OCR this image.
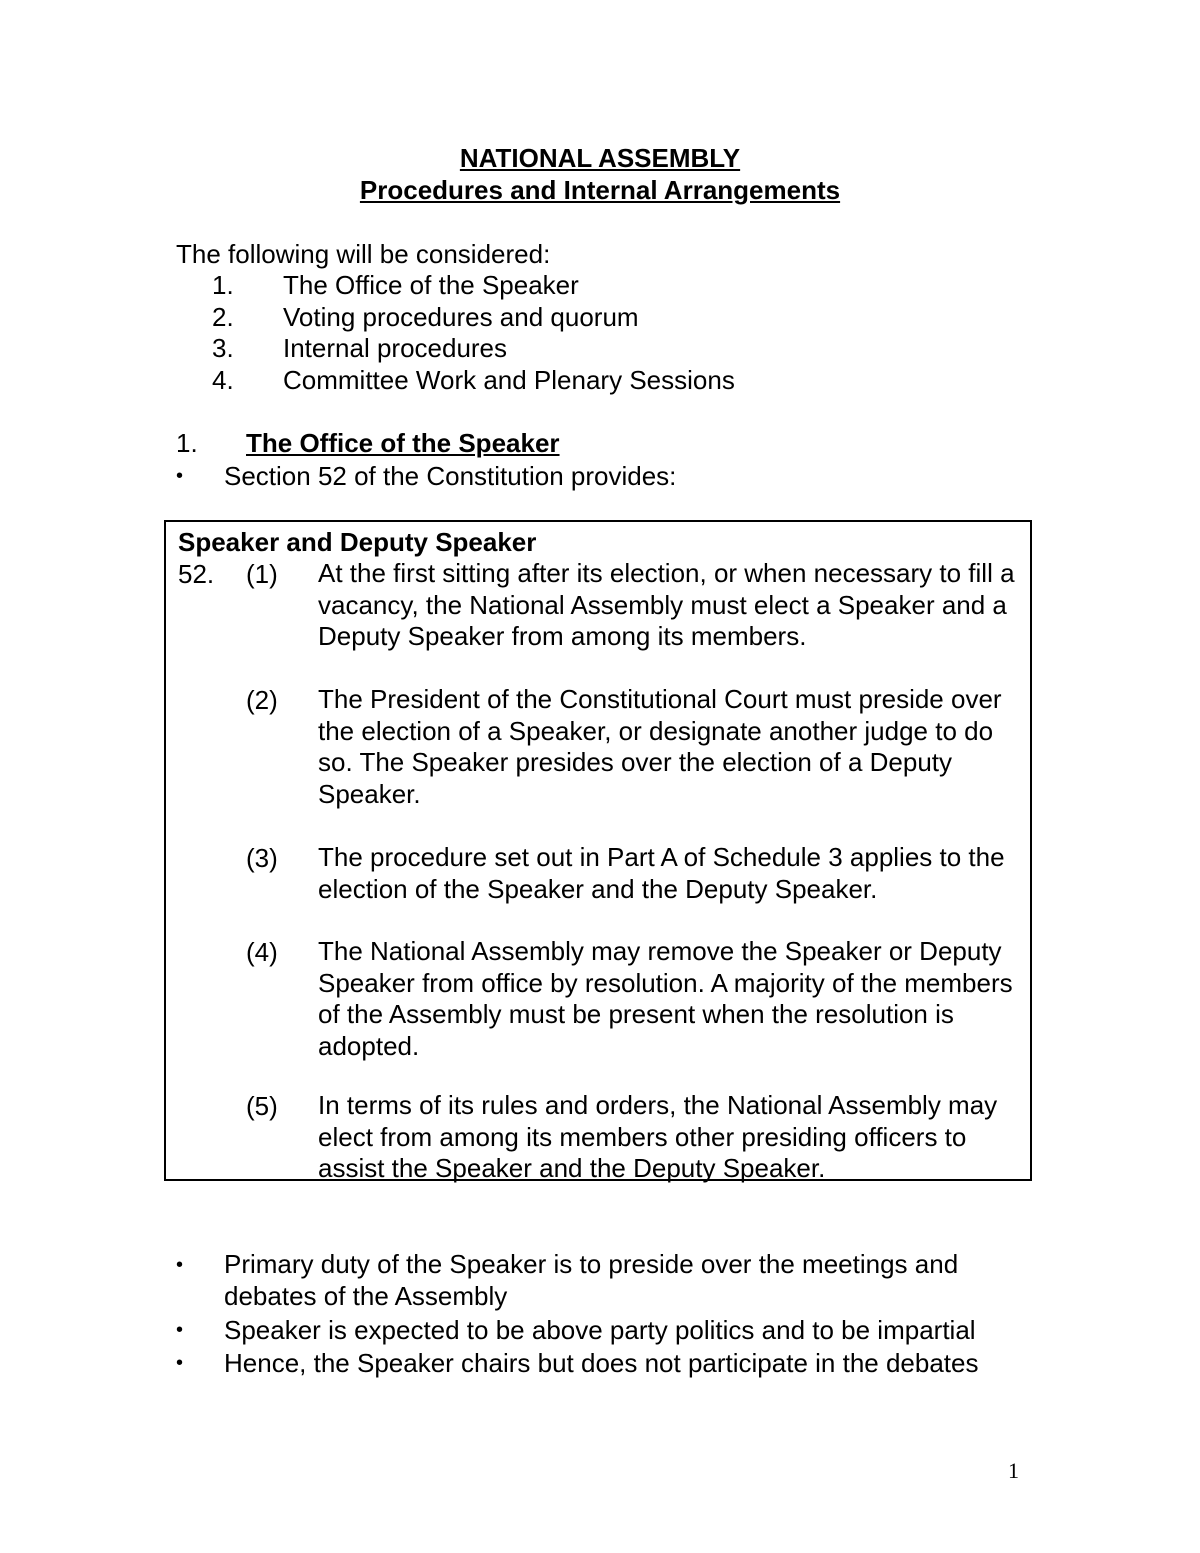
NATIONAL ASSEMBLY
Procedures and Internal Arrangements
The following will be considered:
1. The Office of the Speaker
2. Voting procedures and quorum
3. Internal procedures
4. Committee Work and Plenary Sessions
1. The Office of the Speaker
• Section 52 of the Constitution provides:
Speaker and Deputy Speaker
52. (1) At the first sitting after its election, or when necessary to fill a vacancy, the National Assembly must elect a Speaker and a Deputy Speaker from among its members.
(2) The President of the Constitutional Court must preside over the election of a Speaker, or designate another judge to do so. The Speaker presides over the election of a Deputy Speaker.
(3) The procedure set out in Part A of Schedule 3 applies to the election of the Speaker and the Deputy Speaker.
(4) The National Assembly may remove the Speaker or Deputy Speaker from office by resolution. A majority of the members of the Assembly must be present when the resolution is adopted.
(5) In terms of its rules and orders, the National Assembly may elect from among its members other presiding officers to assist the Speaker and the Deputy Speaker.
• Primary duty of the Speaker is to preside over the meetings and debates of the Assembly
• Speaker is expected to be above party politics and to be impartial
• Hence, the Speaker chairs but does not participate in the debates
1
